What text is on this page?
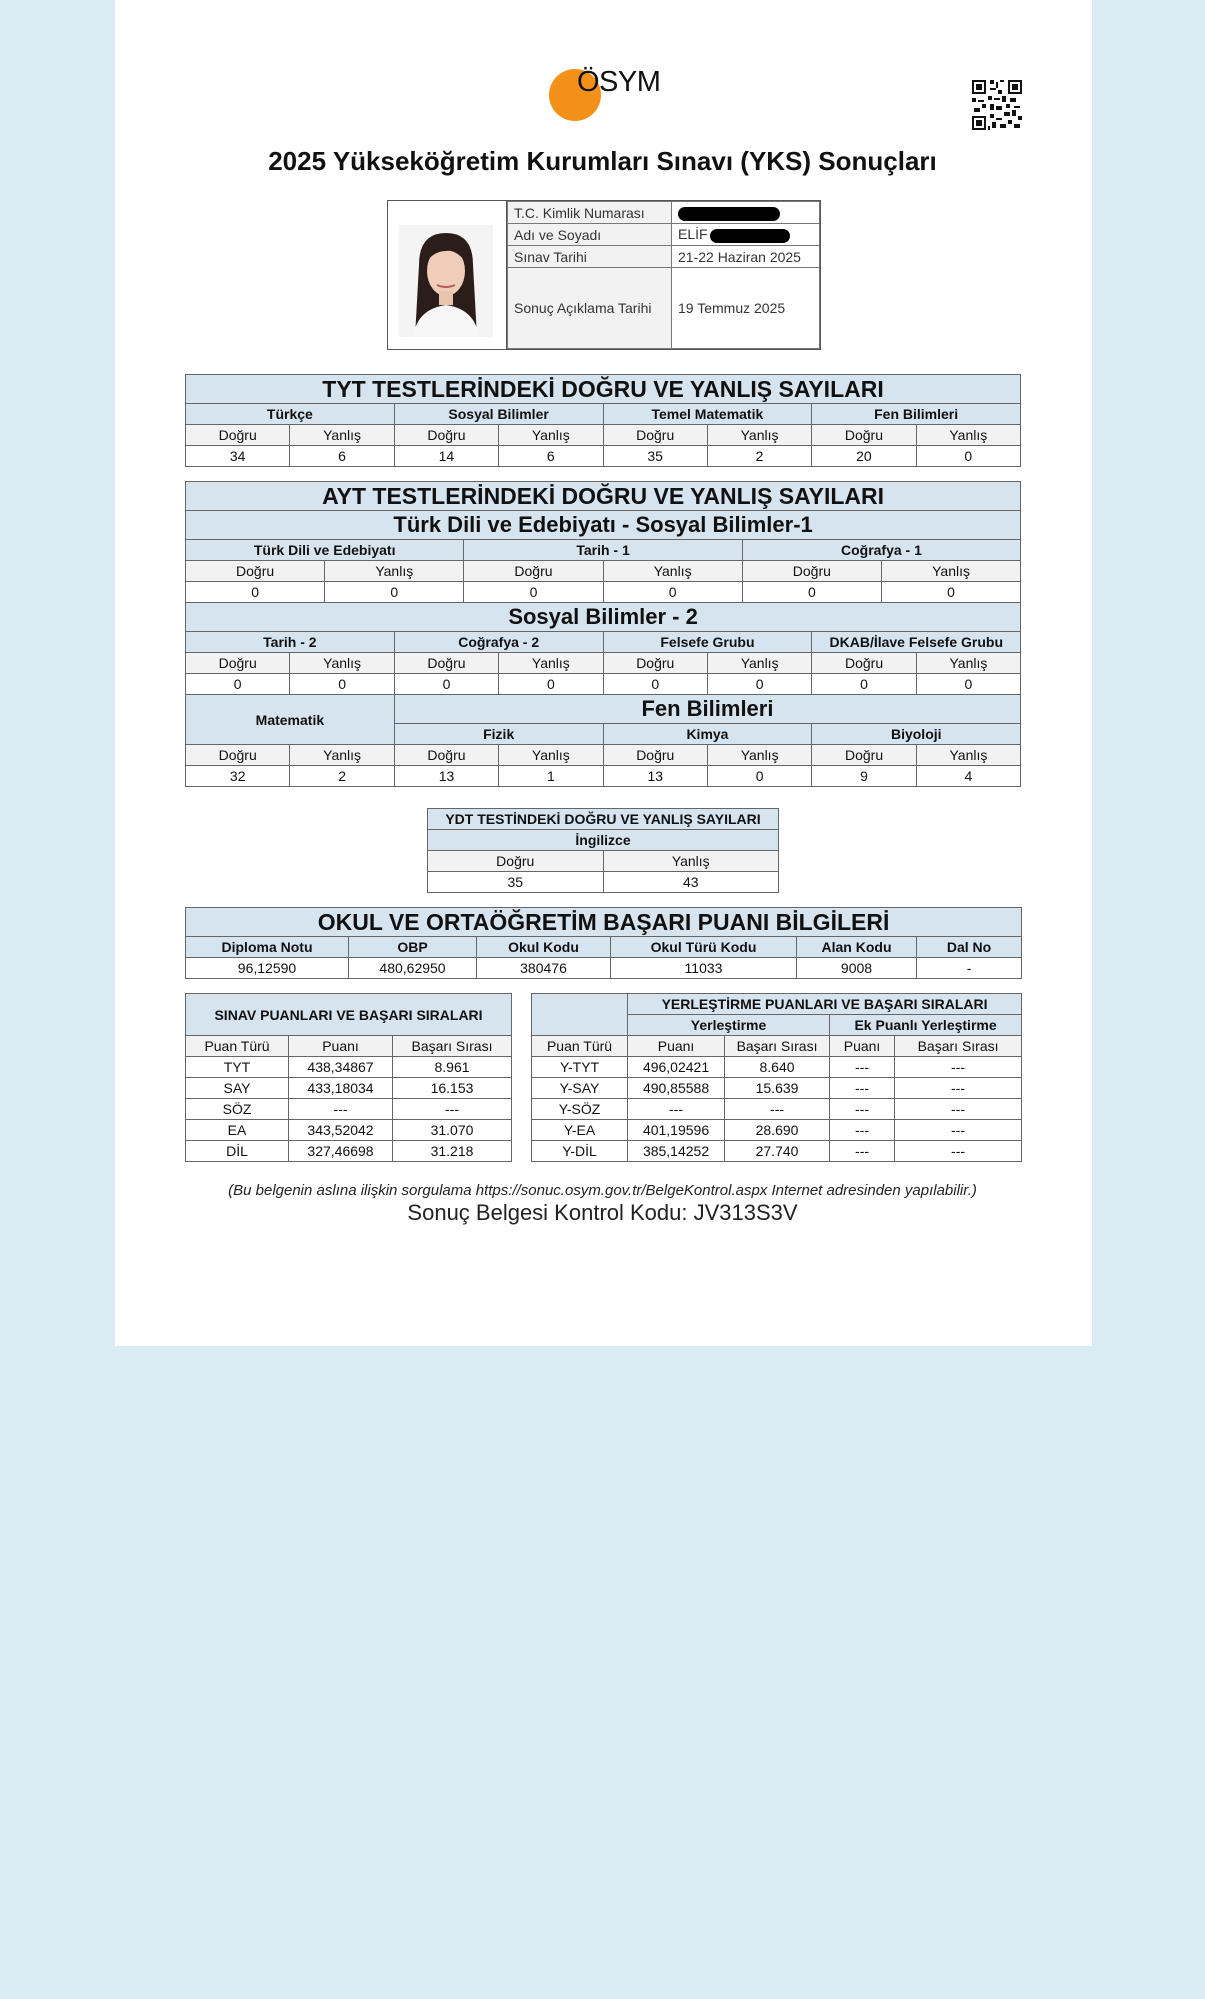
ÖSYM
2025 Yükseköğretim Kurumları Sınavı (YKS) Sonuçları
T.C. Kimlik Numarası	
Adı ve Soyadı	ELİF
Sınav Tarihi	21-22 Haziran 2025
Sonuç Açıklama Tarihi	19 Temmuz 2025
TYT TESTLERİNDEKİ DOĞRU VE YANLIŞ SAYILARI							
Türkçe		Sosyal Bilimler		Temel Matematik		Fen Bilimleri	
Doğru	Yanlış	Doğru	Yanlış	Doğru	Yanlış	Doğru	Yanlış
34	6	14	6	35	2	20	0
AYT TESTLERİNDEKİ DOĞRU VE YANLIŞ SAYILARI											
Türk Dili ve Edebiyatı - Sosyal Bilimler-1											
Türk Dili ve Edebiyatı				Tarih - 1				Coğrafya - 1			
Doğru		Yanlış		Doğru		Yanlış		Doğru		Yanlış	
0		0		0		0		0		0	
Sosyal Bilimler - 2											
Tarih - 2			Coğrafya - 2			Felsefe Grubu			DKAB/İlave Felsefe Grubu		
Doğru	Yanlış		Doğru		Yanlış	Doğru	Yanlış		Doğru		Yanlış
0	0		0		0	0	0		0		0
Matematik			Fen Bilimleri								
			Fizik			Kimya			Biyoloji		
Doğru	Yanlış		Doğru		Yanlış	Doğru	Yanlış		Doğru		Yanlış
32	2		13		1	13	0		9		4
YDT TESTİNDEKİ DOĞRU VE YANLIŞ SAYILARI	
İngilizce	
Doğru	Yanlış
35	43
OKUL VE ORTAÖĞRETİM BAŞARI PUANI BİLGİLERİ					
Diploma Notu	OBP	Okul Kodu	Okul Türü Kodu	Alan Kodu	Dal No
96,12590	480,62950	380476	11033	9008	-
SINAV PUANLARI VE BAŞARI SIRALARI					YERLEŞTİRME PUANLARI VE BAŞARI SIRALARI			
					Yerleştirme		Ek Puanlı Yerleştirme	
Puan Türü	Puanı	Başarı Sırası		Puan Türü	Puanı	Başarı Sırası	Puanı	Başarı Sırası
TYT	438,34867	8.961		Y-TYT	496,02421	8.640	---	---
SAY	433,18034	16.153		Y-SAY	490,85588	15.639	---	---
SÖZ	---	---		Y-SÖZ	---	---	---	---
EA	343,52042	31.070		Y-EA	401,19596	28.690	---	---
DİL	327,46698	31.218		Y-DİL	385,14252	27.740	---	---
(Bu belgenin aslına ilişkin sorgulama https://sonuc.osym.gov.tr/BelgeKontrol.aspx Internet adresinden yapılabilir.)
Sonuç Belgesi Kontrol Kodu: JV313S3V
